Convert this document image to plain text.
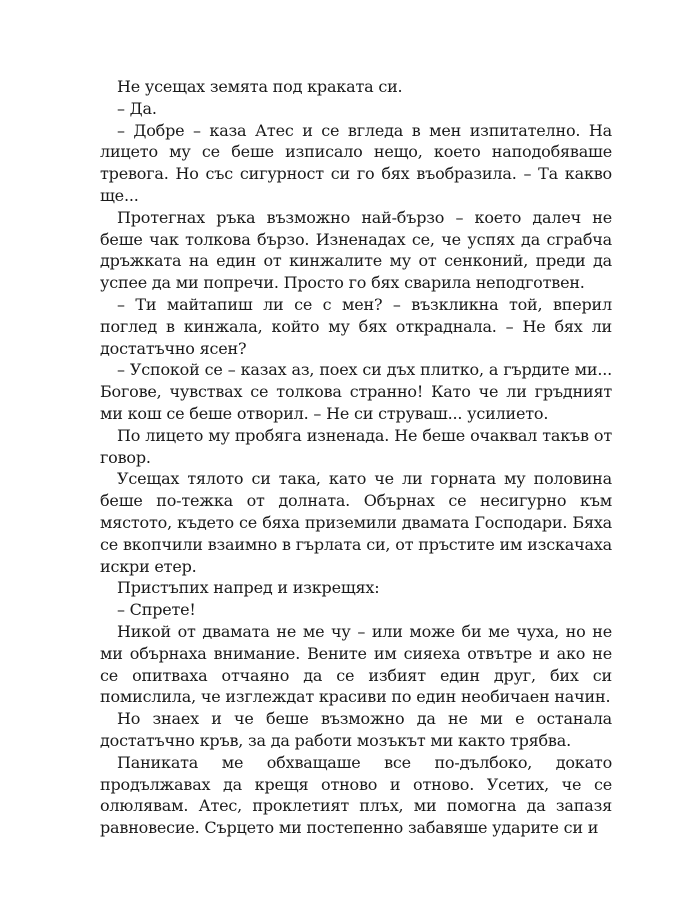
Не усещах земята под краката си.

– Да.

– Добре – каза Атес и се вгледа в мен изпитателно. На лицето му се беше изписало нещо, което наподобяваше тревога. Но със сигурност си го бях въобразила. – Та какво ще...

Протегнах ръка възможно най-бързо – което далеч не беше чак толкова бързо. Изненадах се, че успях да сграбча дръжката на един от кинжалите му от сенконий, преди да успее да ми попречи. Просто го бях сварила неподготвен.

– Ти майтапиш ли се с мен? – възкликна той, вперил поглед в кинжала, който му бях откраднала. – Не бях ли достатъчно ясен?

– Успокой се – казах аз, поех си дъх плитко, а гърдите ми... Богове, чувствах се толкова странно! Като че ли гръдният ми кош се беше отворил. – Не си струваш... усилието.

По лицето му пробяга изненада. Не беше очаквал такъв от говор.

Усещах тялото си така, като че ли горната му половина беше по-тежка от долната. Обърнах се несигурно към мястото, където се бяха приземили двамата Господари. Бяха се вкопчили взаимно в гърлата си, от пръстите им изскачаха искри етер.

Пристъпих напред и изкрещях:

– Спрете!

Никой от двамата не ме чу – или може би ме чуха, но не ми обърнаха внимание. Вените им сияеха отвътре и ако не се опитваха отчаяно да се избият един друг, бих си помислила, че изглеждат красиви по един необичаен начин.

Но знаех и че беше възможно да не ми е останала достатъчно кръв, за да работи мозъкът ми както трябва.

Паниката ме обхващаше все по-дълбоко, докато продължавах да крещя отново и отново. Усетих, че се олюлявам. Атес, проклетият плъх, ми помогна да запазя равновесие. Сърцето ми постепенно забавяше ударите си и
